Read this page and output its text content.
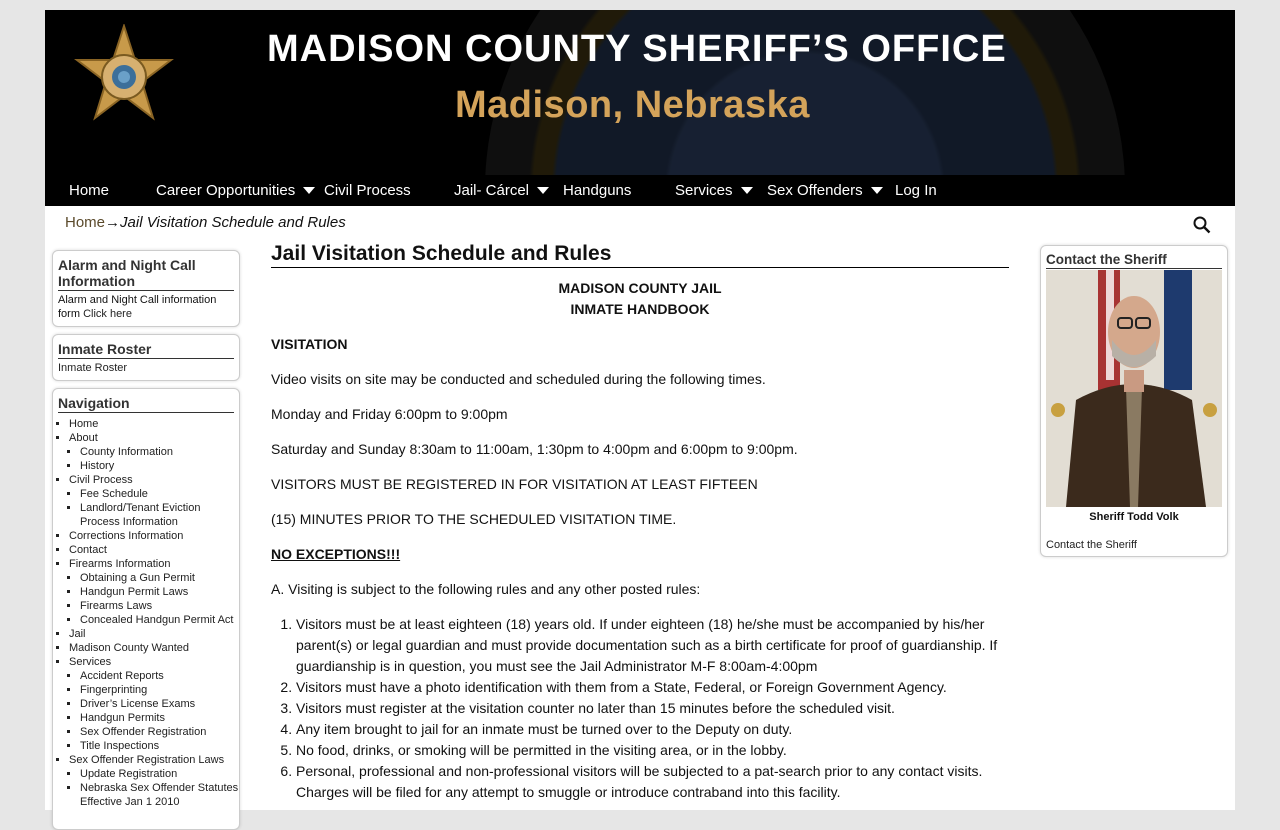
MADISON COUNTY SHERIFF’S OFFICE
Madison, Nebraska
Home	Career Opportunities	Civil Process	Jail- Cárcel	Handguns	Services	Sex Offenders	Log In
Home→Jail Visitation Schedule and Rules
Alarm and Night Call Information
Alarm and Night Call information form Click here
Inmate Roster
Inmate Roster
Navigation
▪ Home
▪ About
▪ County Information
▪ History
▪ Civil Process
▪ Fee Schedule
▪ Landlord/Tenant Eviction Process Information
▪ Corrections Information
▪ Contact
▪ Firearms Information
▪ Obtaining a Gun Permit
▪ Handgun Permit Laws
▪ Firearms Laws
▪ Concealed Handgun Permit Act
▪ Jail
▪ Madison County Wanted
▪ Services
▪ Accident Reports
▪ Fingerprinting
▪ Driver’s License Exams
▪ Handgun Permits
▪ Sex Offender Registration
▪ Title Inspections
▪ Sex Offender Registration Laws
▪ Update Registration
▪ Nebraska Sex Offender Statutes Effective Jan 1 2010
Jail Visitation Schedule and Rules
MADISON COUNTY JAIL
INMATE HANDBOOK

VISITATION

Video visits on site may be conducted and scheduled during the following times.

Monday and Friday 6:00pm to 9:00pm

Saturday and Sunday 8:30am to 11:00am, 1:30pm to 4:00pm and 6:00pm to 9:00pm.

VISITORS MUST BE REGISTERED IN FOR VISITATION AT LEAST FIFTEEN

(15) MINUTES PRIOR TO THE SCHEDULED VISITATION TIME.

NO EXCEPTIONS!!!

A. Visiting is subject to the following rules and any other posted rules:

1. Visitors must be at least eighteen (18) years old. If under eighteen (18) he/she must be accompanied by his/her parent(s) or legal guardian and must provide documentation such as a birth certificate for proof of guardianship. If guardianship is in question, you must see the Jail Administrator M-F 8:00am-4:00pm
2. Visitors must have a photo identification with them from a State, Federal, or Foreign Government Agency.
3. Visitors must register at the visitation counter no later than 15 minutes before the scheduled visit.
4. Any item brought to jail for an inmate must be turned over to the Deputy on duty.
5. No food, drinks, or smoking will be permitted in the visiting area, or in the lobby.
6. Personal, professional and non-professional visitors will be subjected to a pat-search prior to any contact visits. Charges will be filed for any attempt to smuggle or introduce contraband into this facility.
Contact the Sheriff
Sheriff Todd Volk
Contact the Sheriff
